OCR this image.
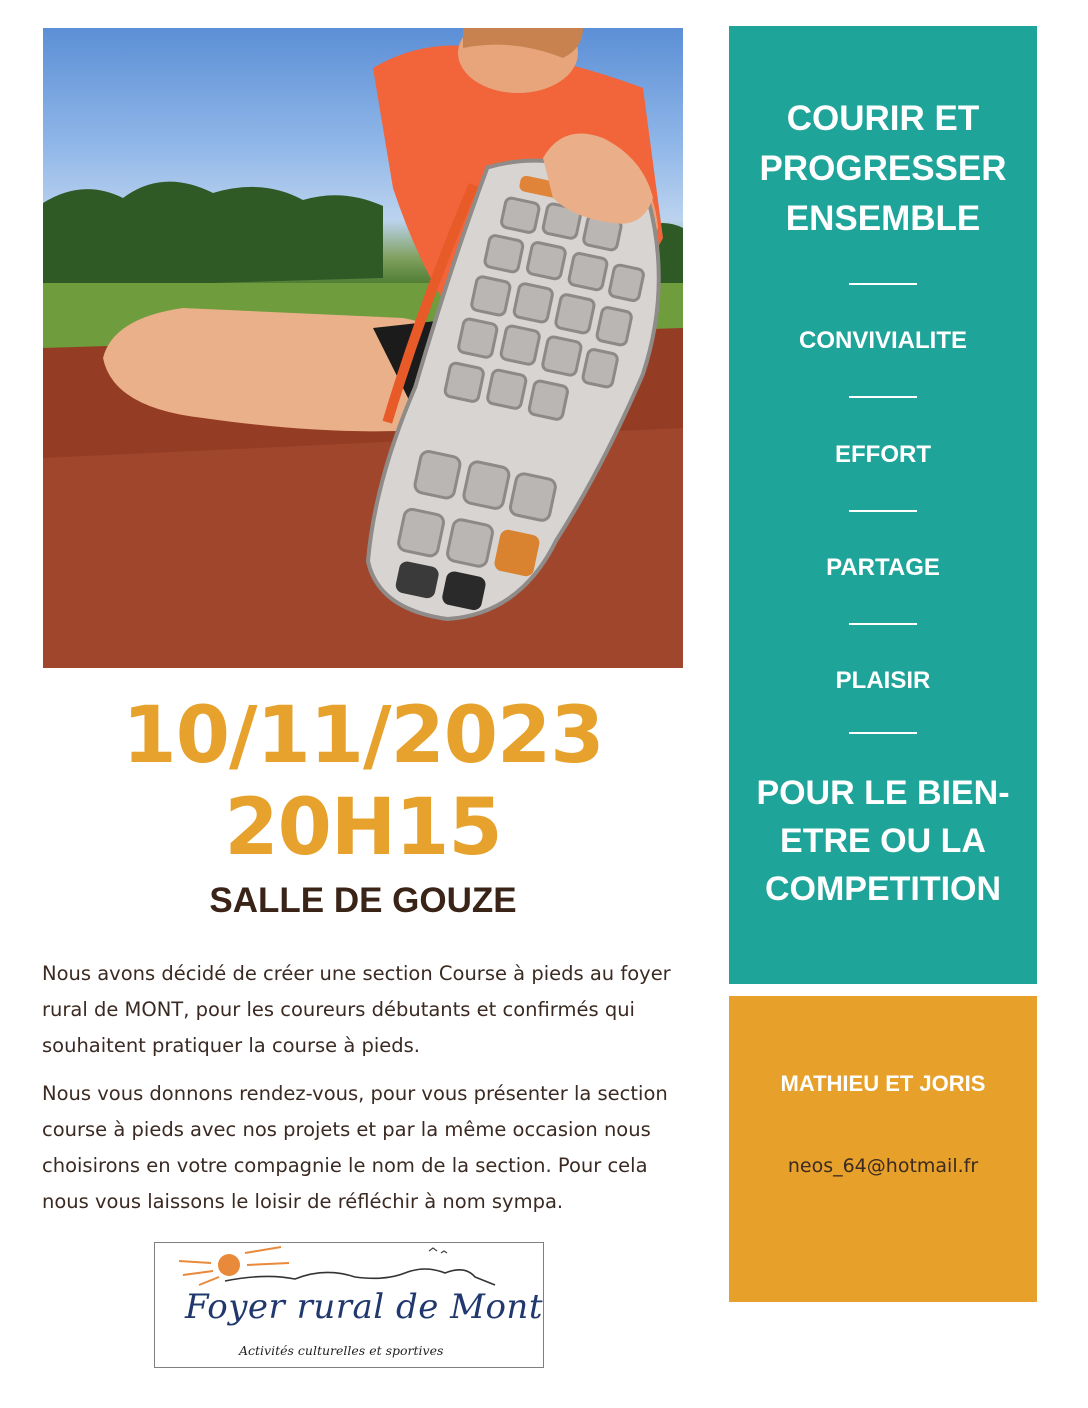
10/11/2023
20H15
SALLE DE GOUZE

Nous avons décidé de créer une section Course à pieds au foyer rural de MONT, pour les coureurs débutants et confirmés qui souhaitent pratiquer la course à pieds.

Nous vous donnons rendez-vous, pour vous présenter la section course à pieds avec nos projets et par la même occasion nous choisirons en votre compagnie le nom de la section. Pour cela nous vous laissons le loisir de réfléchir à nom sympa.

Foyer rural de Mont
Activités culturelles et sportives
COURIR ET
PROGRESSER
ENSEMBLE
CONVIVIALITE
EFFORT
PARTAGE
PLAISIR
POUR LE BIEN-
ETRE OU LA
COMPETITION
MATHIEU ET JORIS
neos_64@hotmail.fr
